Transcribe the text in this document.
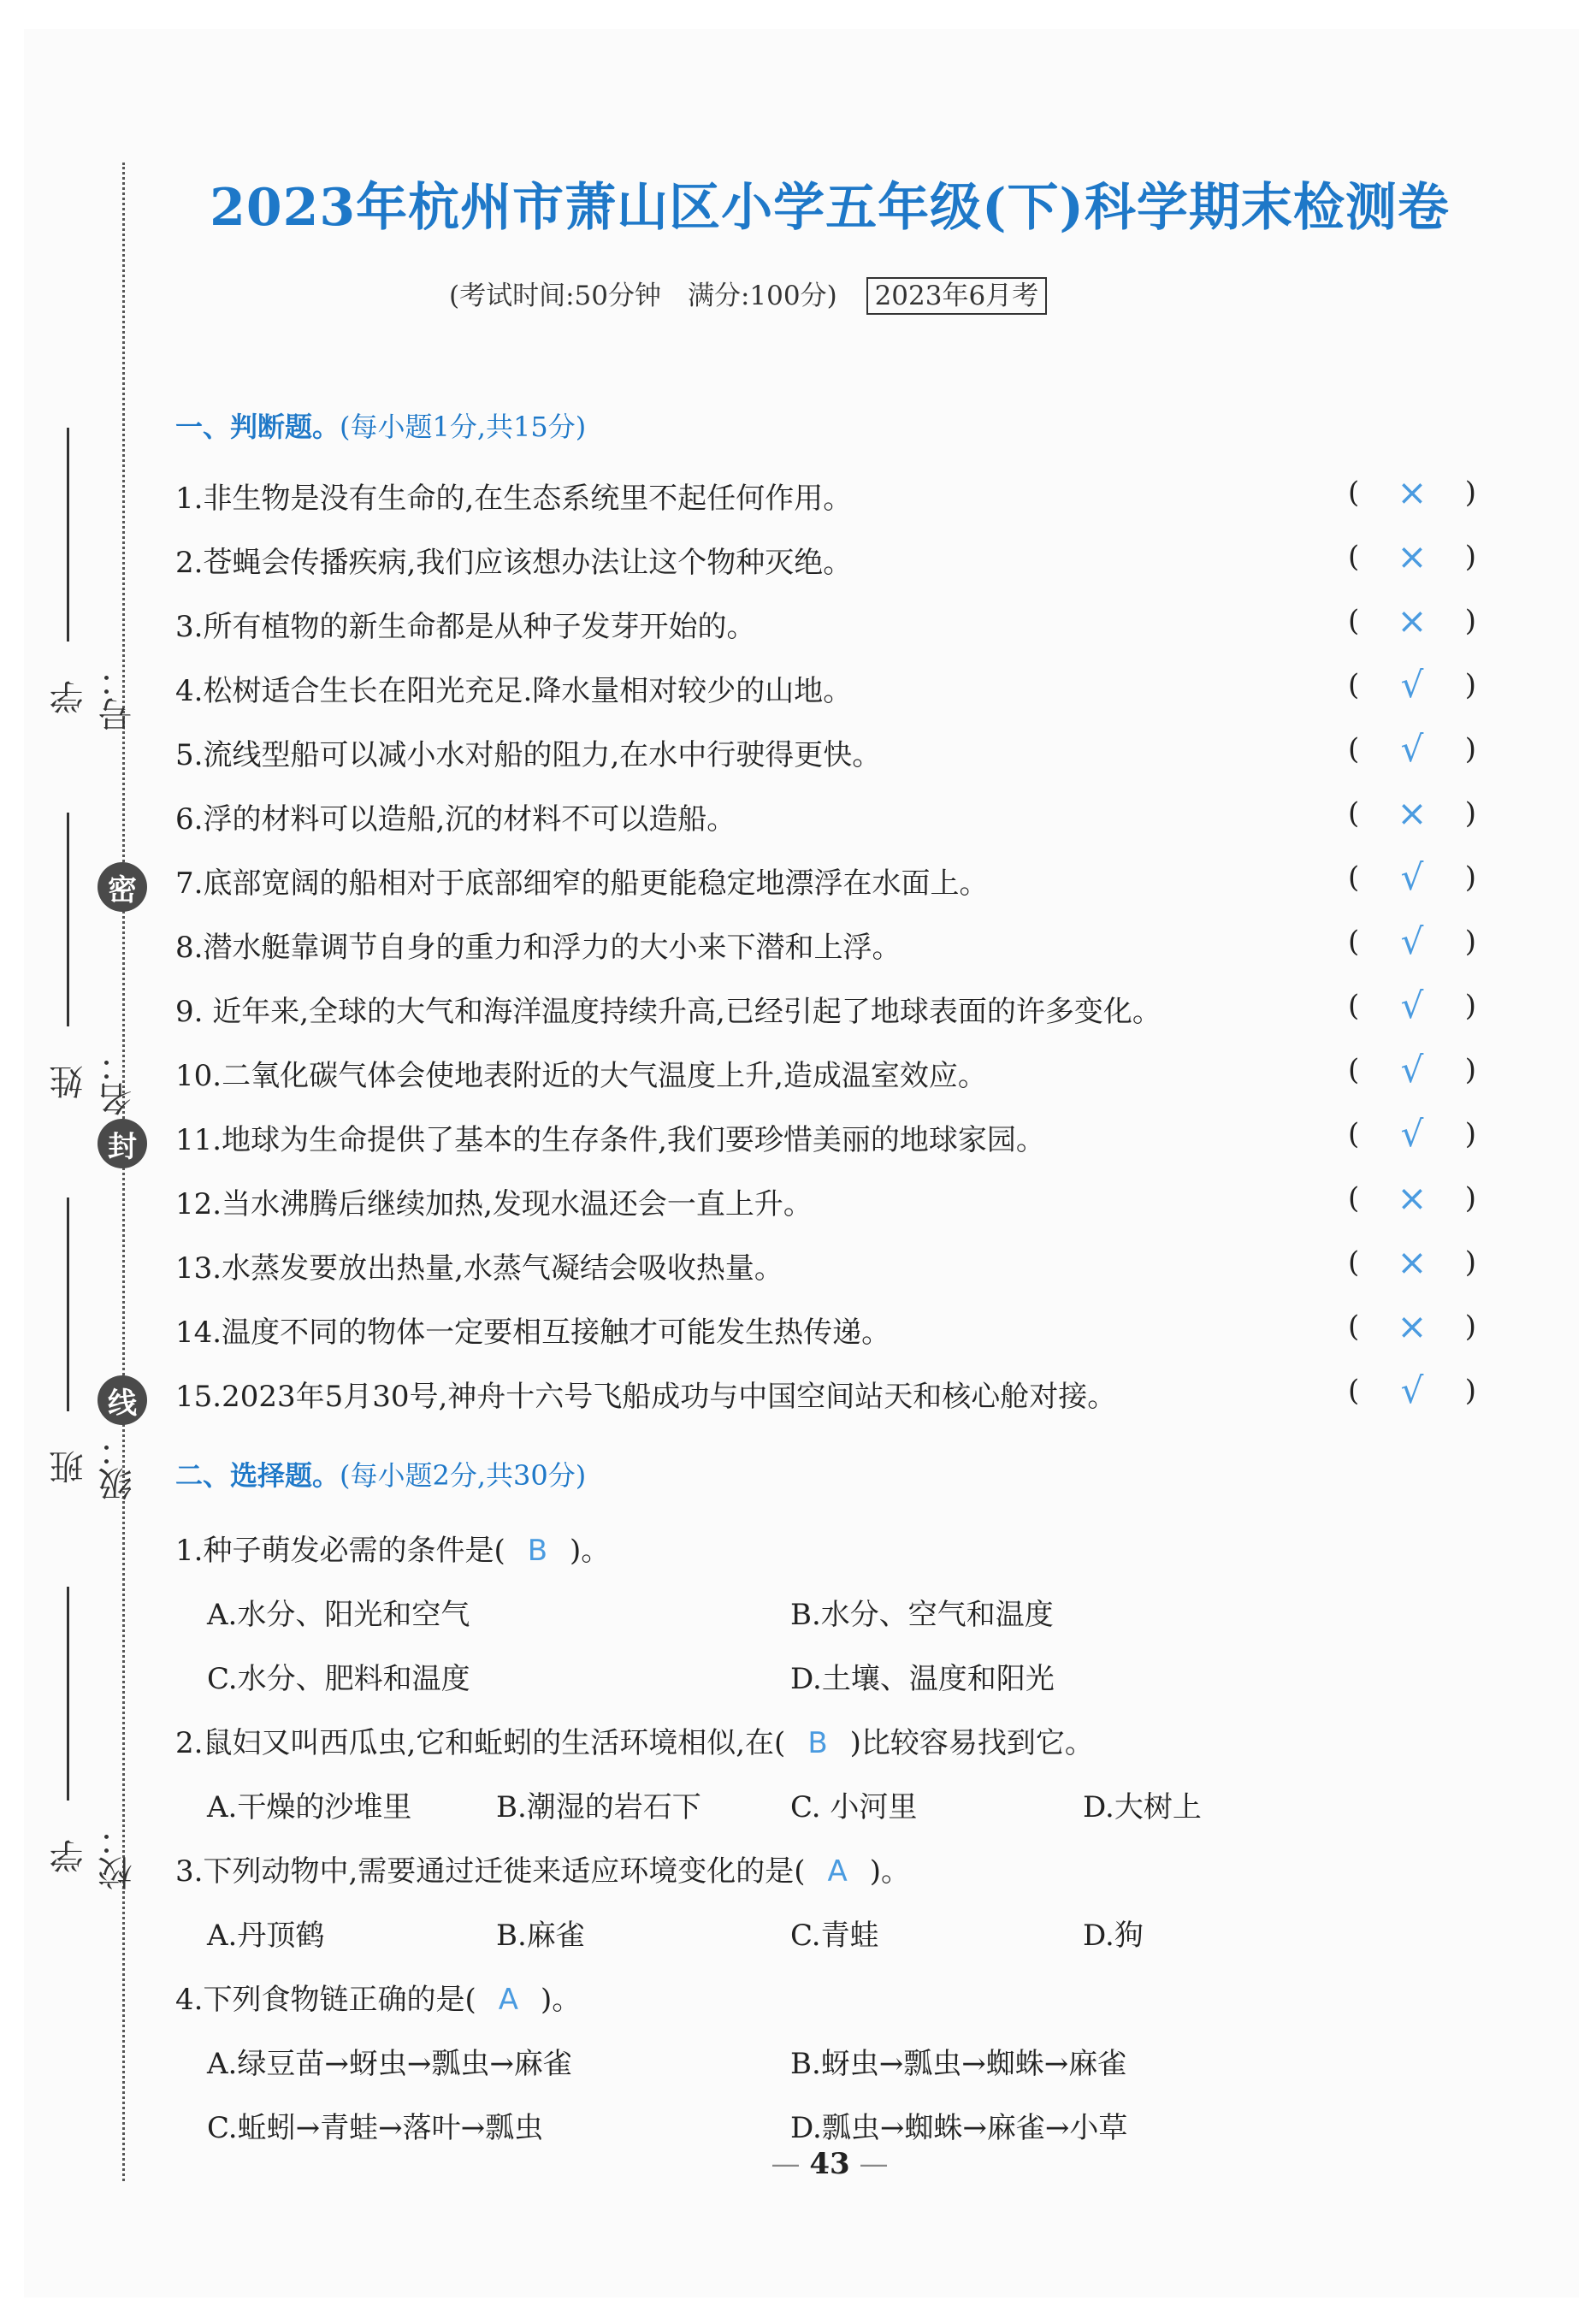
学号：
姓名：
班级：
学校：
密
封
线
2023年杭州市萧山区小学五年级(下)科学期末检测卷
(考试时间:50分钟　满分:100分) 2023年6月考
一、判断题。(每小题1分,共15分)
1.非生物是没有生命的,在生态系统里不起任何作用。	( × )
2.苍蝇会传播疾病,我们应该想办法让这个物种灭绝。	( × )
3.所有植物的新生命都是从种子发芽开始的。	( × )
4.松树适合生长在阳光充足.降水量相对较少的山地。	( √ )
5.流线型船可以减小水对船的阻力,在水中行驶得更快。	( √ )
6.浮的材料可以造船,沉的材料不可以造船。	( × )
7.底部宽阔的船相对于底部细窄的船更能稳定地漂浮在水面上。	( √ )
8.潜水艇靠调节自身的重力和浮力的大小来下潜和上浮。	( √ )
9. 近年来,全球的大气和海洋温度持续升高,已经引起了地球表面的许多变化。	( √ )
10.二氧化碳气体会使地表附近的大气温度上升,造成温室效应。	( √ )
11.地球为生命提供了基本的生存条件,我们要珍惜美丽的地球家园。	( √ )
12.当水沸腾后继续加热,发现水温还会一直上升。	( × )
13.水蒸发要放出热量,水蒸气凝结会吸收热量。	( × )
14.温度不同的物体一定要相互接触才可能发生热传递。	( × )
15.2023年5月30号,神舟十六号飞船成功与中国空间站天和核心舱对接。	( √ )
二、选择题。(每小题2分,共30分)
1.种子萌发必需的条件是( B )。
A.水分、阳光和空气	B.水分、空气和温度
C.水分、肥料和温度	D.土壤、温度和阳光
2.鼠妇又叫西瓜虫,它和蚯蚓的生活环境相似,在( B )比较容易找到它。
A.干燥的沙堆里	B.潮湿的岩石下	C. 小河里	D.大树上
3.下列动物中,需要通过迁徙来适应环境变化的是( A )。
A.丹顶鹤	B.麻雀	C.青蛙	D.狗
4.下列食物链正确的是( A )。
A.绿豆苗→蚜虫→瓢虫→麻雀	B.蚜虫→瓢虫→蜘蛛→麻雀
C.蚯蚓→青蛙→落叶→瓢虫	D.瓢虫→蜘蛛→麻雀→小草
— 43 —
